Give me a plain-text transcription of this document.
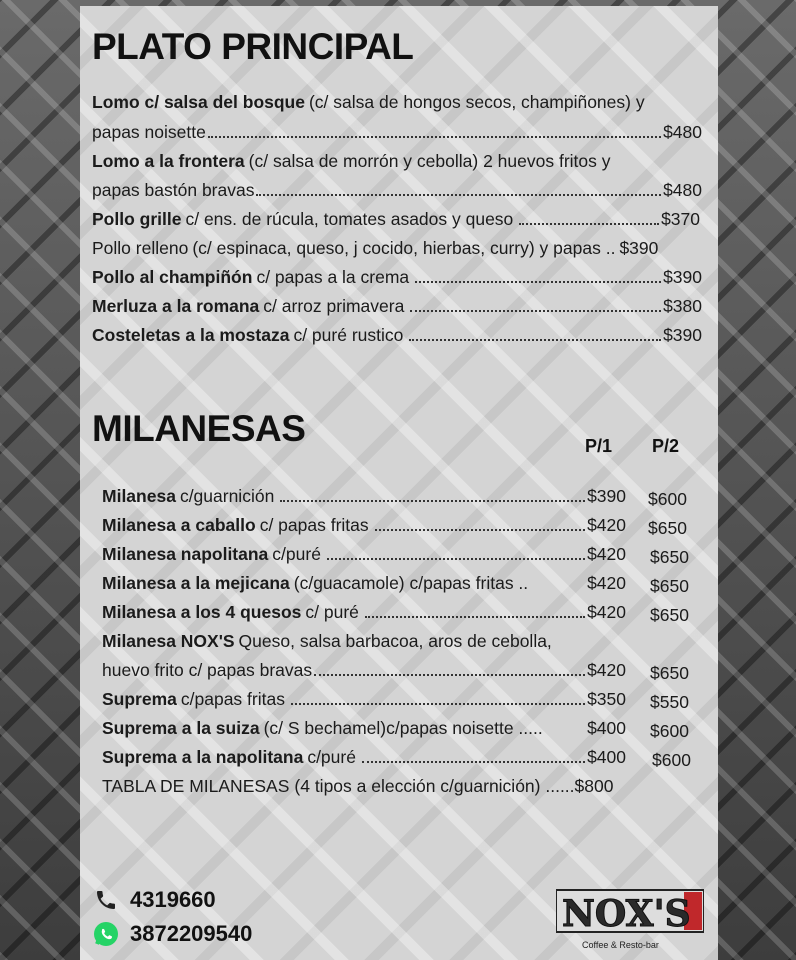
PLATO PRINCIPAL
Lomo c/ salsa del bosque (c/ salsa de hongos secos, champiñones) y
papas noisette	$480
Lomo a la frontera (c/ salsa de morrón y cebolla) 2 huevos fritos y
papas bastón bravas	$480
Pollo grille c/ ens. de rúcula, tomates asados y queso	$370
Pollo relleno (c/ espinaca, queso, j cocido, hierbas, curry) y papas .. $390
Pollo al champiñón c/ papas a la crema	$390
Merluza a la romana c/ arroz primavera	$380
Costeletas a la mostaza c/ puré rustico	$390
MILANESAS	P/1 P/2
Milanesa c/guarnición	$390 $600
Milanesa a caballo c/ papas fritas	$420 $650
Milanesa napolitana c/puré	$420 $650
Milanesa a la mejicana (c/guacamole) c/papas fritas ..	$420 $650
Milanesa a los 4 quesos c/ puré	$420 $650
Milanesa NOX'S Queso, salsa barbacoa, aros de cebolla,
huevo frito c/ papas bravas	$420 $650
Suprema c/papas fritas	$350 $550
Suprema a la suiza (c/ S bechamel)c/papas noisette .....	$400 $600
Suprema a la napolitana c/puré	$400 $600
TABLA DE MILANESAS (4 tipos a elección c/guarnición) ...... $800
4319660
3872209540	NOX'S
Coffee & Resto-bar
